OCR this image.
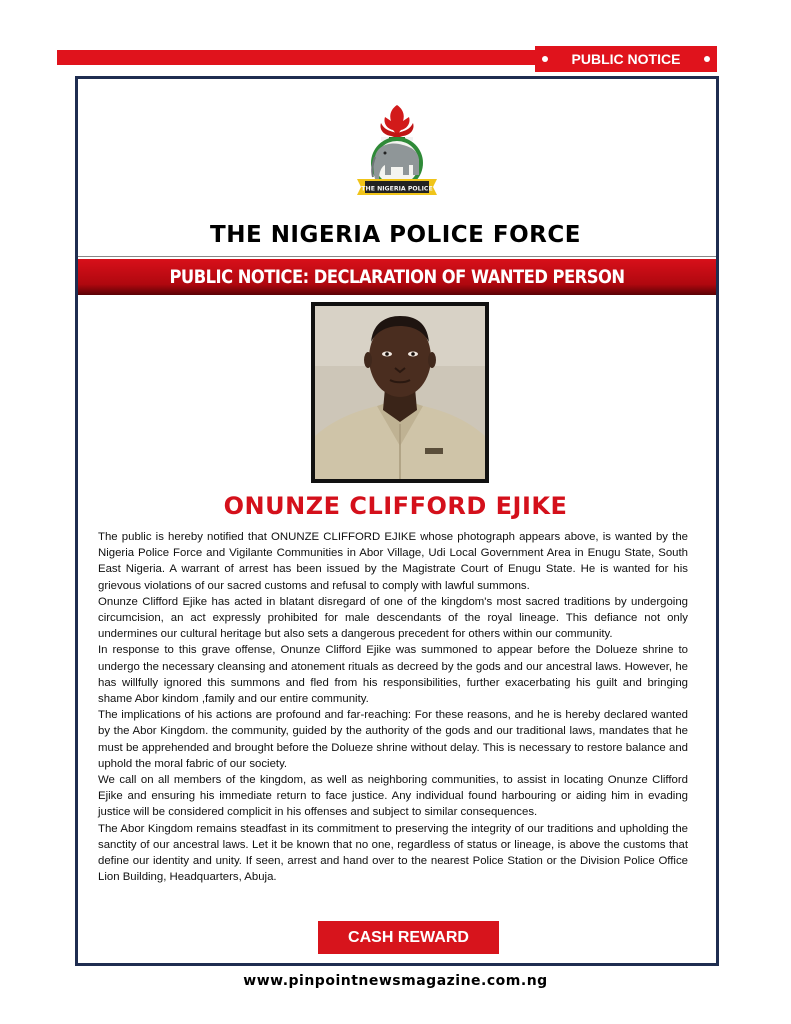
PUBLIC NOTICE
THE NIGERIA POLICE
THE NIGERIA POLICE FORCE
PUBLIC NOTICE: DECLARATION OF WANTED PERSON
ONUNZE CLIFFORD EJIKE

The public is hereby notified that ONUNZE CLIFFORD EJIKE whose photograph appears above, is wanted by the Nigeria Police Force and Vigilante Communities in Abor Village, Udi Local Government Area in Enugu State, South East Nigeria. A warrant of arrest has been issued by the Magistrate Court of Enugu State. He is wanted for his grievous violations of our sacred customs and refusal to comply with lawful summons.

Onunze Clifford Ejike has acted in blatant disregard of one of the kingdom's most sacred traditions by undergoing circumcision, an act expressly prohibited for male descendants of the royal lineage. This defiance not only undermines our cultural heritage but also sets a dangerous precedent for others within our community.

In response to this grave offense, Onunze Clifford Ejike was summoned to appear before the Dolueze shrine to undergo the necessary cleansing and atonement rituals as decreed by the gods and our ancestral laws. However, he has willfully ignored this summons and fled from his responsibilities, further exacerbating his guilt and bringing shame Abor kindom ,family and our entire community.

The implications of his actions are profound and far-reaching: For these reasons, and he is hereby declared wanted by the Abor Kingdom. the community, guided by the authority of the gods and our traditional laws, mandates that he must be apprehended and brought before the Dolueze shrine without delay. This is necessary to restore balance and uphold the moral fabric of our society.

We call on all members of the kingdom, as well as neighboring communities, to assist in locating Onunze Clifford Ejike and ensuring his immediate return to face justice. Any individual found harbouring or aiding him in evading justice will be considered complicit in his offenses and subject to similar consequences.

The Abor Kingdom remains steadfast in its commitment to preserving the integrity of our traditions and upholding the sanctity of our ancestral laws. Let it be known that no one, regardless of status or lineage, is above the customs that define our identity and unity. If seen, arrest and hand over to the nearest Police Station or the Division Police Office Lion Building, Headquarters, Abuja.

CASH REWARD
www.pinpointnewsmagazine.com.ng
